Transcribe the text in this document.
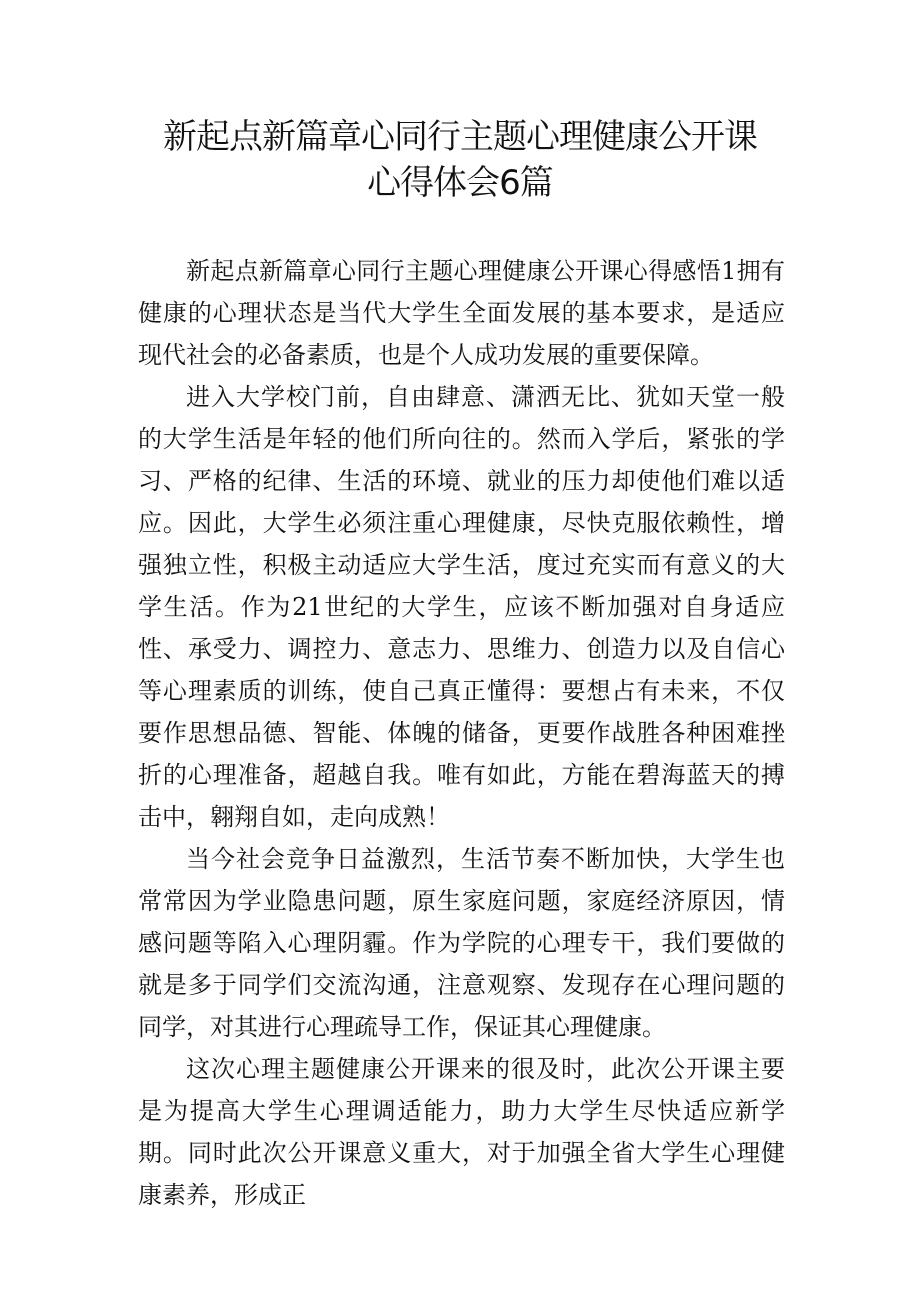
新起点新篇章心同行主题心理健康公开课
心得体会6篇

新起点新篇章心同行主题心理健康公开课心得感悟1拥有健康的心理状态是当代大学生全面发展的基本要求，是适应现代社会的必备素质，也是个人成功发展的重要保障。

进入大学校门前，自由肆意、潇洒无比、犹如天堂一般的大学生活是年轻的他们所向往的。然而入学后，紧张的学习、严格的纪律、生活的环境、就业的压力却使他们难以适应。因此，大学生必须注重心理健康，尽快克服依赖性，增强独立性，积极主动适应大学生活，度过充实而有意义的大学生活。作为21世纪的大学生，应该不断加强对自身适应性、承受力、调控力、意志力、思维力、创造力以及自信心等心理素质的训练，使自己真正懂得：要想占有未来，不仅要作思想品德、智能、体魄的储备，更要作战胜各种困难挫折的心理准备，超越自我。唯有如此，方能在碧海蓝天的搏击中，翱翔自如，走向成熟！

当今社会竞争日益激烈，生活节奏不断加快，大学生也常常因为学业隐患问题，原生家庭问题，家庭经济原因，情感问题等陷入心理阴霾。作为学院的心理专干，我们要做的就是多于同学们交流沟通，注意观察、发现存在心理问题的同学，对其进行心理疏导工作，保证其心理健康。

这次心理主题健康公开课来的很及时，此次公开课主要是为提高大学生心理调适能力，助力大学生尽快适应新学期。同时此次公开课意义重大，对于加强全省大学生心理健康素养，形成正
